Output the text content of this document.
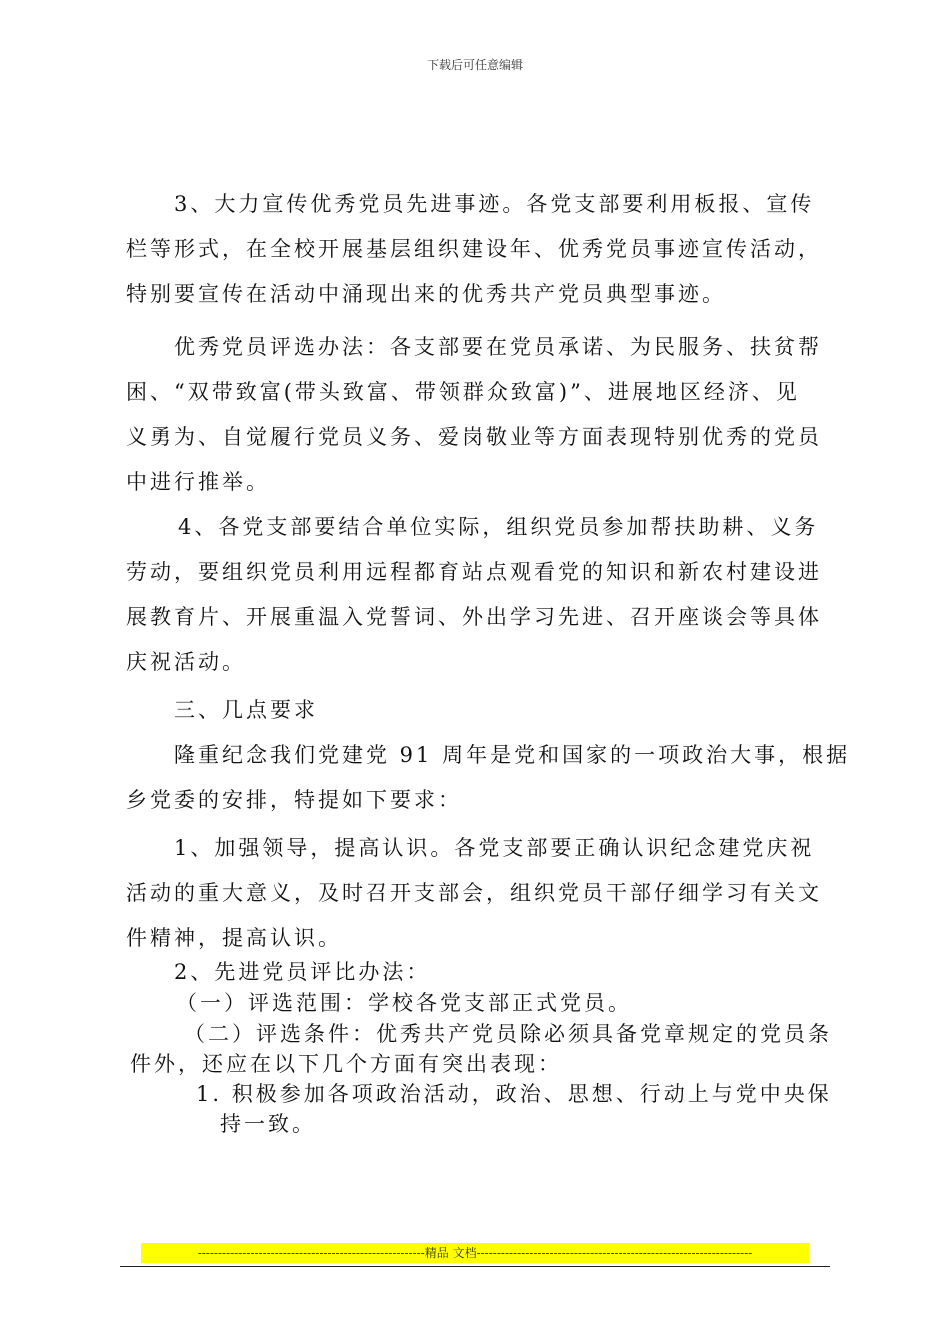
下载后可任意编辑
3、大力宣传优秀党员先进事迹。各党支部要利用板报、宣传
栏等形式，在全校开展基层组织建设年、优秀党员事迹宣传活动，
特别要宣传在活动中涌现出来的优秀共产党员典型事迹。
优秀党员评选办法：各支部要在党员承诺、为民服务、扶贫帮
困、“双带致富(带头致富、带领群众致富)”、进展地区经济、见
义勇为、自觉履行党员义务、爱岗敬业等方面表现特别优秀的党员
中进行推举。
4、各党支部要结合单位实际，组织党员参加帮扶助耕、义务
劳动，要组织党员利用远程都育站点观看党的知识和新农村建设进
展教育片、开展重温入党誓词、外出学习先进、召开座谈会等具体
庆祝活动。
三、几点要求
隆重纪念我们党建党 91 周年是党和国家的一项政治大事，根据
乡党委的安排，特提如下要求：
1、加强领导，提高认识。各党支部要正确认识纪念建党庆祝
活动的重大意义，及时召开支部会，组织党员干部仔细学习有关文
件精神，提高认识。
2、先进党员评比办法：
（一）评选范围：学校各党支部正式党员。
（二）评选条件：优秀共产党员除必须具备党章规定的党员条
件外，还应在以下几个方面有突出表现：
1. 积极参加各项政治活动，政治、思想、行动上与党中央保
持一致。
--------------------------------------------------------精品 文档--------------------------------------------------------------------
